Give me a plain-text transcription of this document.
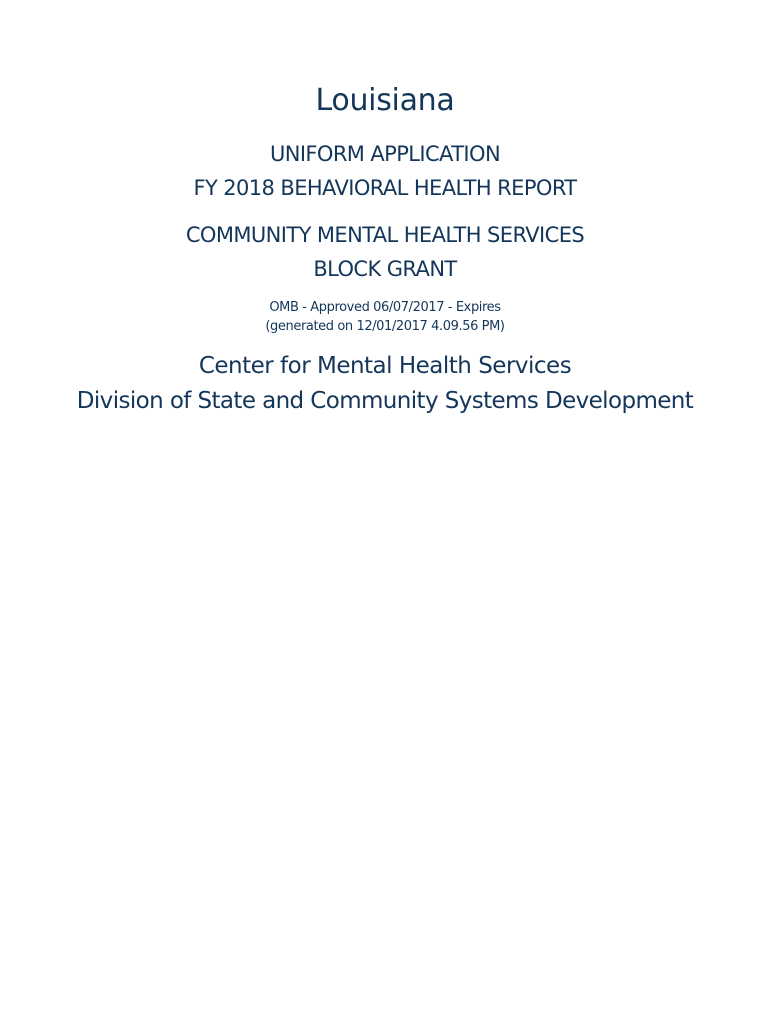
Louisiana
UNIFORM APPLICATION
FY 2018 BEHAVIORAL HEALTH REPORT
COMMUNITY MENTAL HEALTH SERVICES
BLOCK GRANT
OMB - Approved 06/07/2017 - Expires
(generated on 12/01/2017 4.09.56 PM)
Center for Mental Health Services
Division of State and Community Systems Development
